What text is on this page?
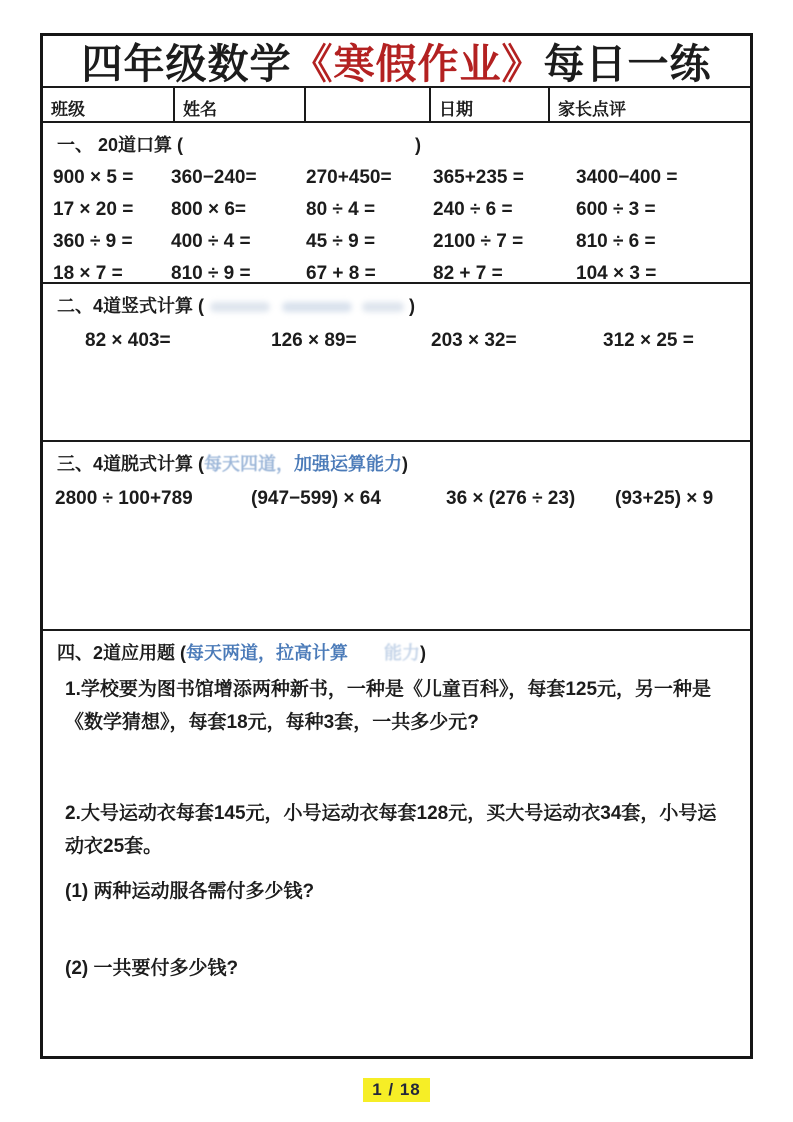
四年级数学 《寒假作业》 每日一练
班级	姓名	日期	家长点评
一、 20道口算 (	)
900 × 5 =	360−240=	270+450=	365+235 =	3400−400 =
17 × 20 =	800 × 6=	80 ÷ 4 =	240 ÷ 6 =	600 ÷ 3 =
360 ÷ 9 =	400 ÷ 4 =	45 ÷ 9 =	2100 ÷ 7 =	810 ÷ 6 =
18 × 7 =	810 ÷ 9 =	67 + 8 =	82 + 7 =	104 × 3 =
二、4道竖式计算 (	)
82 × 403=	126 × 89=	203 × 32=	312 × 25 =
三、4道脱式计算 (每天四道，加强运算能力)
2800 ÷ 100+789	(947−599) × 64	36 × (276 ÷ 23)	(93+25) × 9
四、2道应用题 (每天两道，拉高计算 能力)
1.学校要为图书馆增添两种新书，一种是《儿童百科》，每套125元，另一种是《数学猜想》，每套18元，每种3套，一共多少元?
2.大号运动衣每套145元，小号运动衣每套128元，买大号运动衣34套，小号运动衣25套。
(1) 两种运动服各需付多少钱?
(2) 一共要付多少钱?
1 / 18
